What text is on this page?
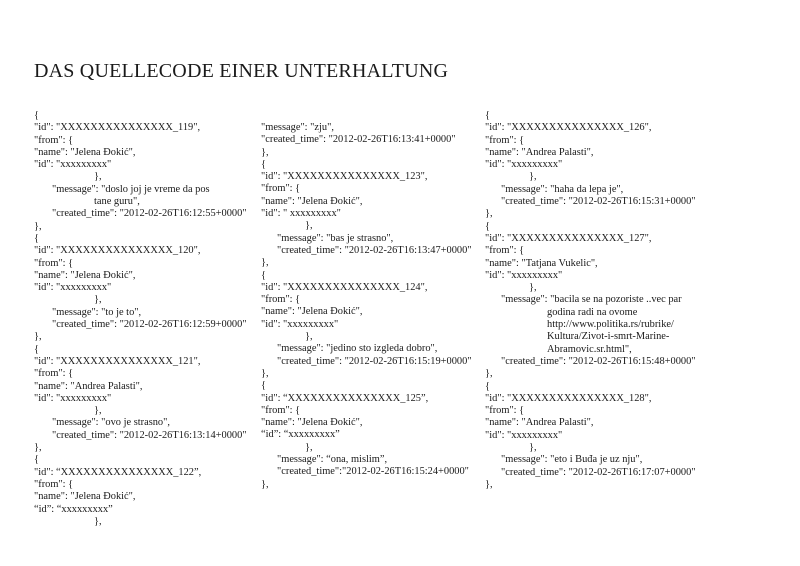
DAS QUELLECODE EINER UNTERHALTUNG
{
"id": "XXXXXXXXXXXXXXX_119",
"from": {
"name": "Jelena Đokić",
"id": "xxxxxxxxx"
},
"message": "doslo joj je vreme da pos
tane guru",
"created_time": "2012-02-26T16:12:55+0000"
},
{
"id": "XXXXXXXXXXXXXXX_120",
"from": {
"name": "Jelena Đokić",
"id": "xxxxxxxxx"
},
"message": "to je to",
"created_time": "2012-02-26T16:12:59+0000"
},
{
"id": "XXXXXXXXXXXXXXX_121",
"from": {
"name": "Andrea Palasti",
"id": "xxxxxxxxx"
},
"message": "ovo je strasno",
"created_time": "2012-02-26T16:13:14+0000"
},
{
"id": “XXXXXXXXXXXXXXX_122”,
"from": {
"name": "Jelena Đokić",
“id”: “xxxxxxxxx”
},
"message": "zju",
"created_time": "2012-02-26T16:13:41+0000"
},
{
"id": "XXXXXXXXXXXXXXX_123",
"from": {
"name": "Jelena Đokić",
"id": " xxxxxxxxx"
},
"message": "bas je strasno",
"created_time": "2012-02-26T16:13:47+0000"
},
{
"id": "XXXXXXXXXXXXXXX_124",
"from": {
"name": "Jelena Đokić",
"id": "xxxxxxxxx"
},
"message": "jedino sto izgleda dobro",
"created_time": "2012-02-26T16:15:19+0000"
},
{
"id": “XXXXXXXXXXXXXXX_125”,
"from": {
"name": "Jelena Đokić",
“id”: “xxxxxxxxx”
},
"message": “ona, mislim”,
"created_time":"2012-02-26T16:15:24+0000"
},
{
"id": "XXXXXXXXXXXXXXX_126",
"from": {
"name": "Andrea Palasti",
"id": "xxxxxxxxx"
},
"message": "haha da lepa je",
"created_time": "2012-02-26T16:15:31+0000"
},
{
"id": "XXXXXXXXXXXXXXX_127",
"from": {
"name": "Tatjana Vukelic",
"id": "xxxxxxxxx"
},
"message": "bacila se na pozoriste ..vec par
godina radi na ovome
http://www.politika.rs/rubrike/
Kultura/Zivot-i-smrt-Marine-
Abramovic.sr.html",
"created_time": "2012-02-26T16:15:48+0000"
},
{
"id": "XXXXXXXXXXXXXXX_128",
"from": {
"name": "Andrea Palasti",
"id": "xxxxxxxxx"
},
"message": "eto i Buđa je uz nju",
"created_time": "2012-02-26T16:17:07+0000"
},
